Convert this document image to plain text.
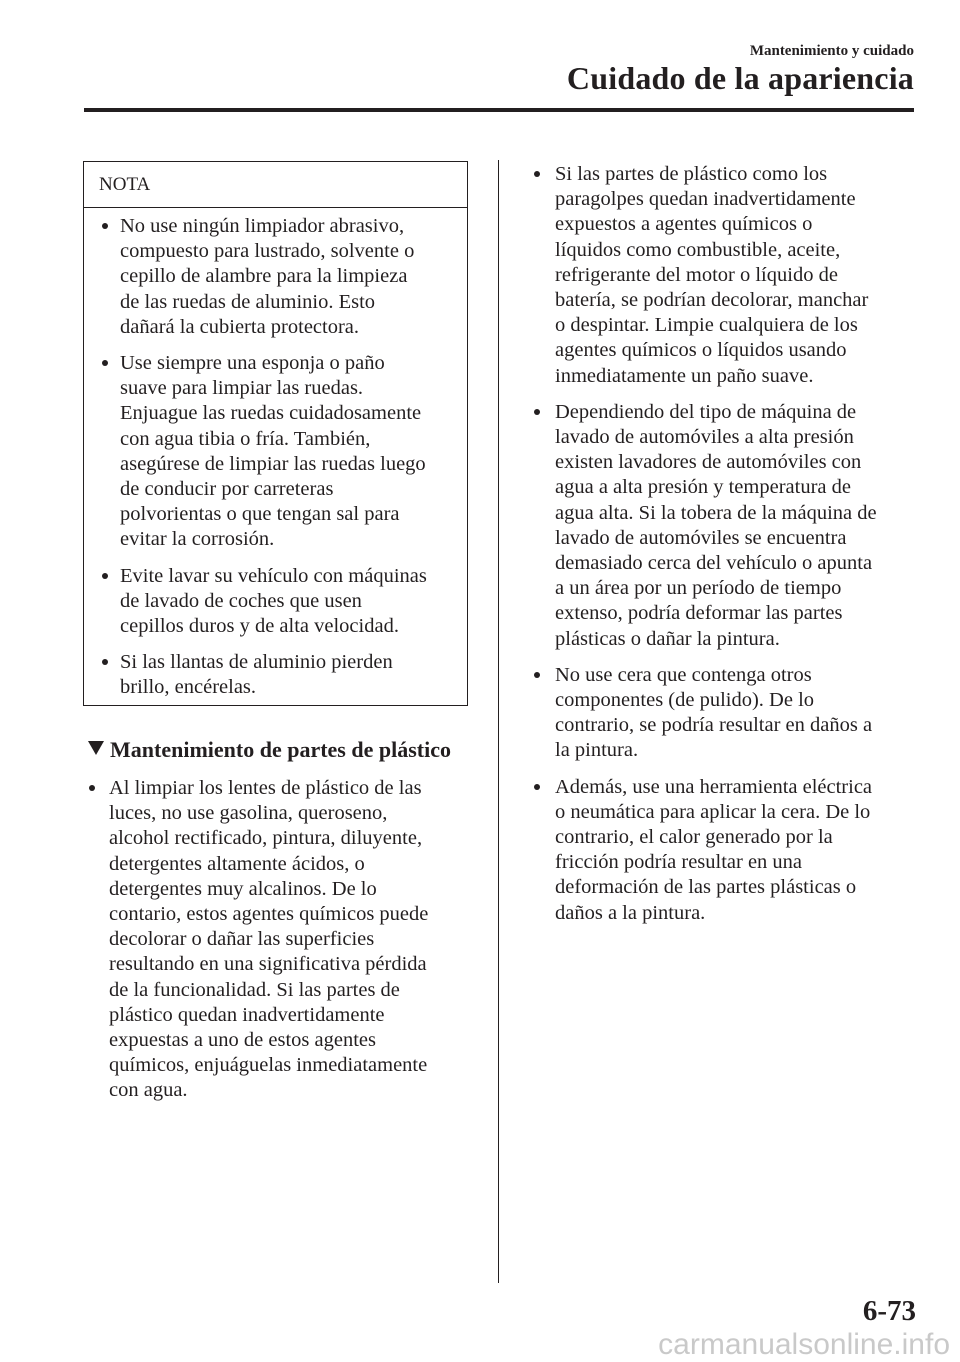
Mantenimiento y cuidado
Cuidado de la apariencia
NOTA
No use ningún limpiador abrasivo,
compuesto para lustrado, solvente o
cepillo de alambre para la limpieza
de las ruedas de aluminio. Esto
dañará la cubierta protectora.
Use siempre una esponja o paño
suave para limpiar las ruedas.
Enjuague las ruedas cuidadosamente
con agua tibia o fría. También,
asegúrese de limpiar las ruedas luego
de conducir por carreteras
polvorientas o que tengan sal para
evitar la corrosión.
Evite lavar su vehículo con máquinas
de lavado de coches que usen
cepillos duros y de alta velocidad.
Si las llantas de aluminio pierden
brillo, encérelas.
Mantenimiento de partes de plástico
Al limpiar los lentes de plástico de las
luces, no use gasolina, queroseno,
alcohol rectificado, pintura, diluyente,
detergentes altamente ácidos, o
detergentes muy alcalinos. De lo
contario, estos agentes químicos puede
decolorar o dañar las superficies
resultando en una significativa pérdida
de la funcionalidad. Si las partes de
plástico quedan inadvertidamente
expuestas a uno de estos agentes
químicos, enjuáguelas inmediatamente
con agua.
Si las partes de plástico como los
paragolpes quedan inadvertidamente
expuestos a agentes químicos o
líquidos como combustible, aceite,
refrigerante del motor o líquido de
batería, se podrían decolorar, manchar
o despintar. Limpie cualquiera de los
agentes químicos o líquidos usando
inmediatamente un paño suave.
Dependiendo del tipo de máquina de
lavado de automóviles a alta presión
existen lavadores de automóviles con
agua a alta presión y temperatura de
agua alta. Si la tobera de la máquina de
lavado de automóviles se encuentra
demasiado cerca del vehículo o apunta
a un área por un período de tiempo
extenso, podría deformar las partes
plásticas o dañar la pintura.
No use cera que contenga otros
componentes (de pulido). De lo
contrario, se podría resultar en daños a
la pintura.
Además, use una herramienta eléctrica
o neumática para aplicar la cera. De lo
contrario, el calor generado por la
fricción podría resultar en una
deformación de las partes plásticas o
daños a la pintura.
6-73
carmanualsonline.info
